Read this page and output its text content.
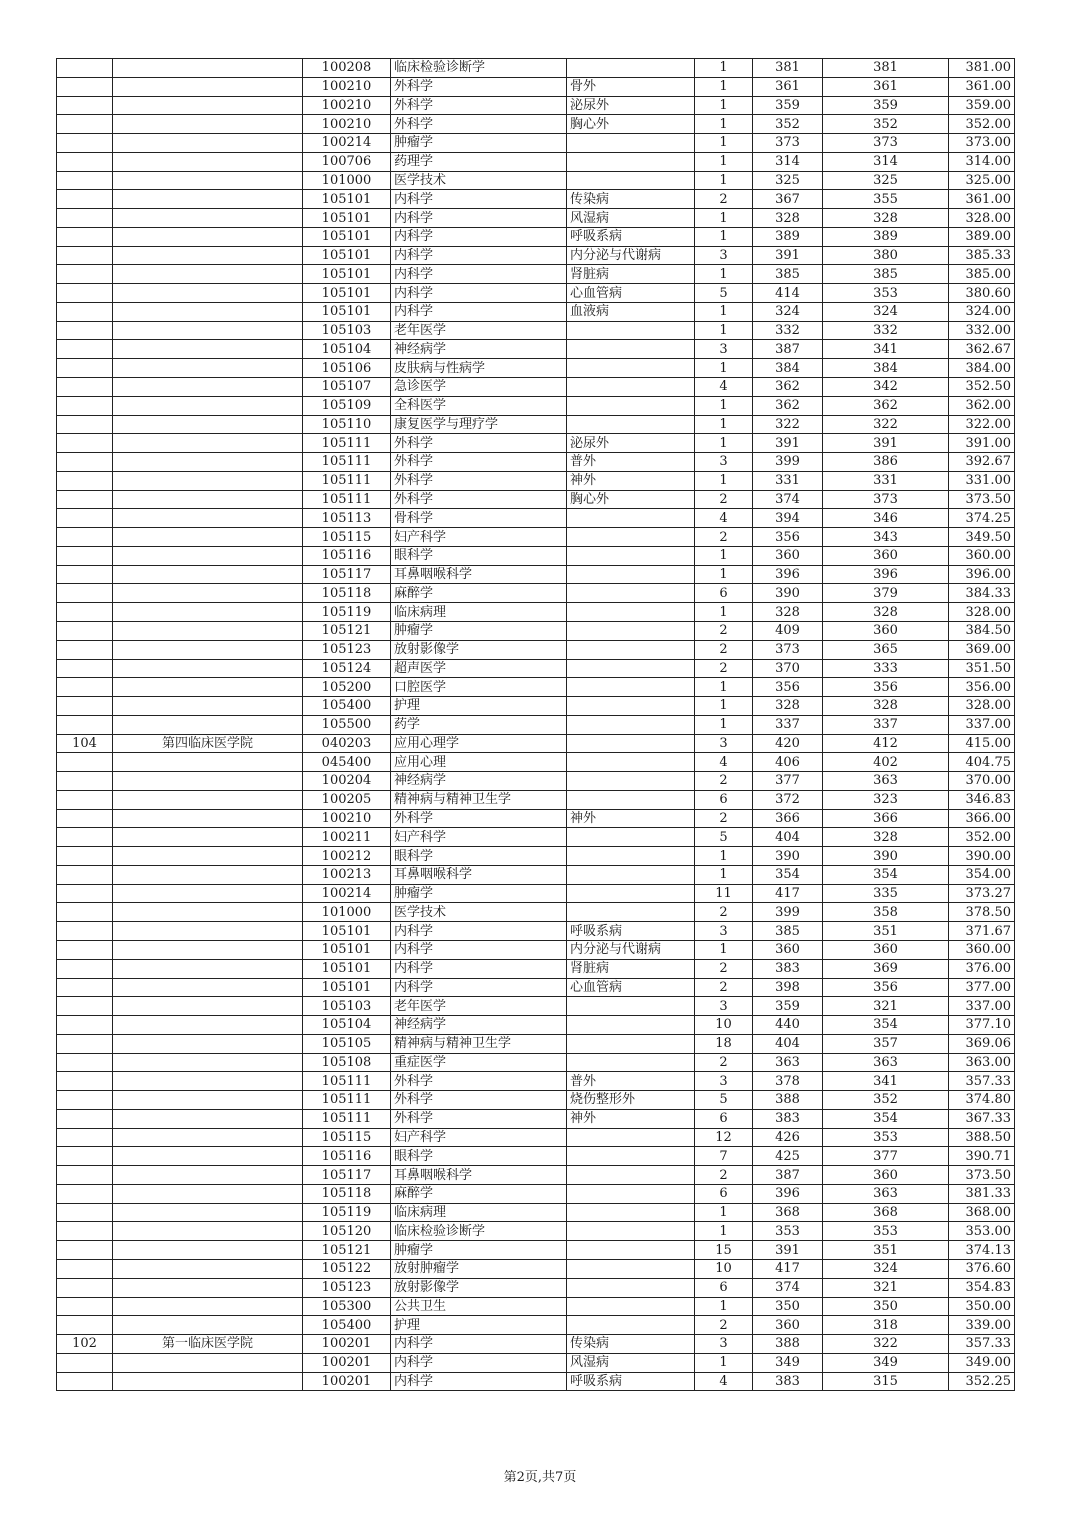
		100208	临床检验诊断学		1	381	381	381.00
		100210	外科学	骨外	1	361	361	361.00
		100210	外科学	泌尿外	1	359	359	359.00
		100210	外科学	胸心外	1	352	352	352.00
		100214	肿瘤学		1	373	373	373.00
		100706	药理学		1	314	314	314.00
		101000	医学技术		1	325	325	325.00
		105101	内科学	传染病	2	367	355	361.00
		105101	内科学	风湿病	1	328	328	328.00
		105101	内科学	呼吸系病	1	389	389	389.00
		105101	内科学	内分泌与代谢病	3	391	380	385.33
		105101	内科学	肾脏病	1	385	385	385.00
		105101	内科学	心血管病	5	414	353	380.60
		105101	内科学	血液病	1	324	324	324.00
		105103	老年医学		1	332	332	332.00
		105104	神经病学		3	387	341	362.67
		105106	皮肤病与性病学		1	384	384	384.00
		105107	急诊医学		4	362	342	352.50
		105109	全科医学		1	362	362	362.00
		105110	康复医学与理疗学		1	322	322	322.00
		105111	外科学	泌尿外	1	391	391	391.00
		105111	外科学	普外	3	399	386	392.67
		105111	外科学	神外	1	331	331	331.00
		105111	外科学	胸心外	2	374	373	373.50
		105113	骨科学		4	394	346	374.25
		105115	妇产科学		2	356	343	349.50
		105116	眼科学		1	360	360	360.00
		105117	耳鼻咽喉科学		1	396	396	396.00
		105118	麻醉学		6	390	379	384.33
		105119	临床病理		1	328	328	328.00
		105121	肿瘤学		2	409	360	384.50
		105123	放射影像学		2	373	365	369.00
		105124	超声医学		2	370	333	351.50
		105200	口腔医学		1	356	356	356.00
		105400	护理		1	328	328	328.00
		105500	药学		1	337	337	337.00
104	第四临床医学院	040203	应用心理学		3	420	412	415.00
		045400	应用心理		4	406	402	404.75
		100204	神经病学		2	377	363	370.00
		100205	精神病与精神卫生学		6	372	323	346.83
		100210	外科学	神外	2	366	366	366.00
		100211	妇产科学		5	404	328	352.00
		100212	眼科学		1	390	390	390.00
		100213	耳鼻咽喉科学		1	354	354	354.00
		100214	肿瘤学		11	417	335	373.27
		101000	医学技术		2	399	358	378.50
		105101	内科学	呼吸系病	3	385	351	371.67
		105101	内科学	内分泌与代谢病	1	360	360	360.00
		105101	内科学	肾脏病	2	383	369	376.00
		105101	内科学	心血管病	2	398	356	377.00
		105103	老年医学		3	359	321	337.00
		105104	神经病学		10	440	354	377.10
		105105	精神病与精神卫生学		18	404	357	369.06
		105108	重症医学		2	363	363	363.00
		105111	外科学	普外	3	378	341	357.33
		105111	外科学	烧伤整形外	5	388	352	374.80
		105111	外科学	神外	6	383	354	367.33
		105115	妇产科学		12	426	353	388.50
		105116	眼科学		7	425	377	390.71
		105117	耳鼻咽喉科学		2	387	360	373.50
		105118	麻醉学		6	396	363	381.33
		105119	临床病理		1	368	368	368.00
		105120	临床检验诊断学		1	353	353	353.00
		105121	肿瘤学		15	391	351	374.13
		105122	放射肿瘤学		10	417	324	376.60
		105123	放射影像学		6	374	321	354.83
		105300	公共卫生		1	350	350	350.00
		105400	护理		2	360	318	339.00
102	第一临床医学院	100201	内科学	传染病	3	388	322	357.33
		100201	内科学	风湿病	1	349	349	349.00
		100201	内科学	呼吸系病	4	383	315	352.25
第2页,共7页
